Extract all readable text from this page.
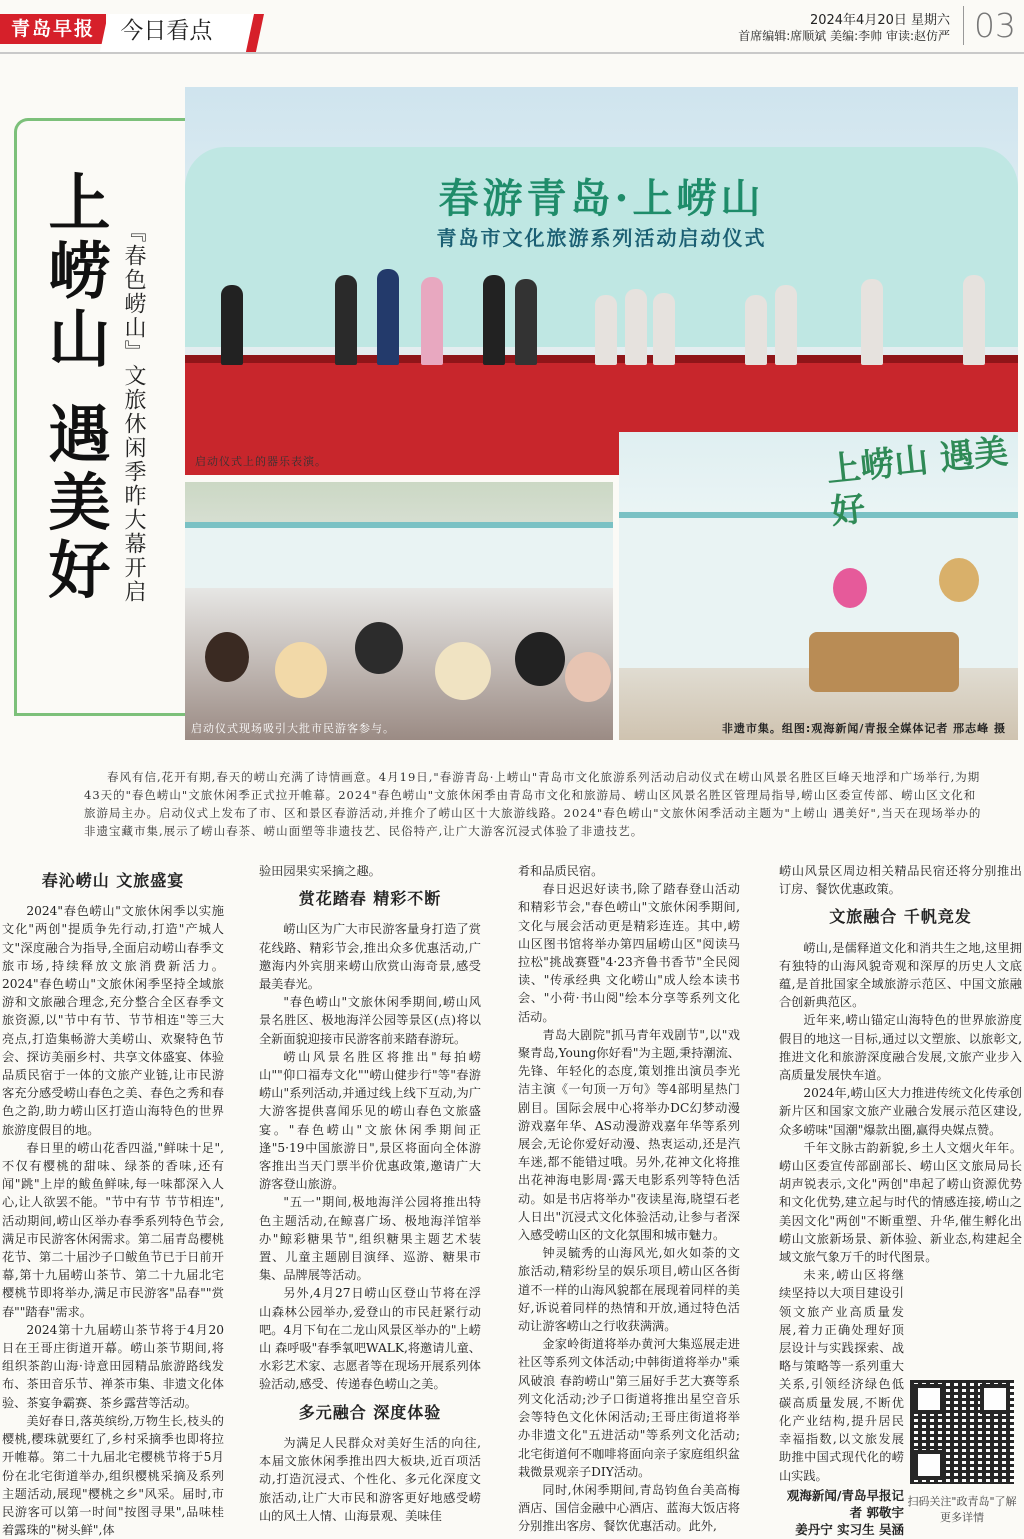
青岛早报	今日看点	2024年4月20日 星期六
首席编辑:席顺斌 美编:李帅 审读:赵仿严 03
上崂山 遇美好 『春色崂山』文旅休闲季昨大幕开启
春游青岛·上崂山
青岛市文化旅游系列活动启动仪式
启动仪式上的器乐表演。
启动仪式现场吸引大批市民游客参与。
上崂山 遇美好
非遗市集。组图:观海新闻/青报全媒体记者 邢志峰 摄
春风有信,花开有期,春天的崂山充满了诗情画意。4月19日,"春游青岛·上崂山"青岛市文化旅游系列活动启动仪式在崂山风景名胜区巨峰天地浮和广场举行,为期43天的"春色崂山"文旅休闲季正式拉开帷幕。2024"春色崂山"文旅休闲季由青岛市文化和旅游局、崂山区风景名胜区管理局指导,崂山区委宣传部、崂山区文化和旅游局主办。启动仪式上发布了市、区和景区春游活动,并推介了崂山区十大旅游线路。2024"春色崂山"文旅休闲季活动主题为"上崂山 遇美好",当天在现场举办的非遗宝藏市集,展示了崂山春茶、崂山面塑等非遗技艺、民俗特产,让广大游客沉浸式体验了非遗技艺。
春沁崂山 文旅盛宴

2024"春色崂山"文旅休闲季以实施文化"两创"提质争先行动,打造"产城人文"深度融合为指导,全面启动崂山春季文旅市场,持续释放文旅消费新活力。2024"春色崂山"文旅休闲季坚持全域旅游和文旅融合理念,充分整合全区春季文旅资源,以"节中有节、节节相连"等三大亮点,打造集畅游大美崂山、欢聚特色节会、探访美丽乡村、共享文体盛宴、体验品质民宿于一体的文旅产业链,让市民游客充分感受崂山春色之美、春色之秀和春色之韵,助力崂山区打造山海特色的世界旅游度假目的地。

春日里的崂山花香四溢,"鲜味十足",不仅有樱桃的甜味、绿茶的香味,还有闻"跳"上岸的鲅鱼鲜味,每一味都深入人心,让人欲罢不能。"节中有节 节节相连",活动期间,崂山区举办春季系列特色节会,满足市民游客休闲需求。第二届青岛樱桃花节、第二十届沙子口鲅鱼节已于日前开幕,第十九届崂山茶节、第二十九届北宅樱桃节即将举办,满足市民游客"品春""赏春""踏春"需求。

2024第十九届崂山茶节将于4月20日在王哥庄街道开幕。崂山茶节期间,将组织茶韵山海·诗意田园精品旅游路线发布、茶田音乐节、禅茶市集、非遗文化体验、茶宴争霸赛、茶乡露营等活动。

美好春日,落英缤纷,万物生长,枝头的樱桃,樱珠就要红了,乡村采摘季也即将拉开帷幕。第二十九届北宅樱桃节将于5月份在北宅街道举办,组织樱桃采摘及系列主题活动,展现"樱桃之乡"风采。届时,市民游客可以第一时间"按图寻果",品味桂着露珠的"树头鲜",体

验田园果实采摘之趣。

赏花踏春 精彩不断

崂山区为广大市民游客量身打造了赏花线路、精彩节会,推出众多优惠活动,广邀海内外宾朋来崂山欣赏山海奇景,感受最美春光。

"春色崂山"文旅休闲季期间,崂山风景名胜区、极地海洋公园等景区(点)将以全新面貌迎接市民游客前来踏春游玩。

崂山风景名胜区将推出"每拍崂山""仰口福寿文化""崂山健步行"等"春游崂山"系列活动,并通过线上线下互动,为广大游客提供喜闻乐见的崂山春色文旅盛宴。"春色崂山"文旅休闲季期间正逢"5·19中国旅游日",景区将面向全体游客推出当天门票半价优惠政策,邀请广大游客登山旅游。

"五一"期间,极地海洋公园将推出特色主题活动,在鲸喜广场、极地海洋馆举办"鲸彩糖果节",组织糖果主题艺术装置、儿童主题剧目演绎、巡游、糖果市集、品牌展等活动。

另外,4月27日崂山区登山节将在浮山森林公园举办,爱登山的市民赶紧行动吧。4月下旬在二龙山风景区举办的"上崂山 森呼吸"春季氧吧WALK,将邀请儿童、水彩艺术家、志愿者等在现场开展系列体验活动,感受、传递春色崂山之美。

多元融合 深度体验

为满足人民群众对美好生活的向往,本届文旅休闲季推出四大板块,近百项活动,打造沉浸式、个性化、多元化深度文旅活动,让广大市民和游客更好地感受崂山的风土人情、山海景观、美味佳

肴和品质民宿。

春日迟迟好读书,除了踏春登山活动和精彩节会,"春色崂山"文旅休闲季期间,文化与展会活动更是精彩连连。其中,崂山区图书馆将举办第四届崂山区"阅读马拉松"挑战赛暨"4·23齐鲁书香节"全民阅读、"传承经典 文化崂山"成人绘本读书会、"小荷·书山阅"绘本分享等系列文化活动。

青岛大剧院"抓马青年戏剧节",以"戏聚青岛,Young你好看"为主题,秉持潮流、先锋、年轻化的态度,策划推出演员李光洁主演《一句顶一万句》等4部明星热门剧目。国际会展中心将举办DC幻梦动漫游戏嘉年华、AS动漫游戏嘉年华等系列展会,无论你爱好动漫、热衷运动,还是汽车迷,都不能错过哦。另外,花神文化将推出花神海电影周·露天电影系列等特色活动。如是书店将举办"夜读星海,晓望石老人日出"沉浸式文化体验活动,让参与者深入感受崂山区的文化氛围和城市魅力。

钟灵毓秀的山海风光,如火如荼的文旅活动,精彩纷呈的娱乐项目,崂山区各街道不一样的山海风貌都在展现着同样的美好,诉说着同样的热情和开放,通过特色活动让游客崂山之行收获满满。

金家岭街道将举办黄河大集巡展走进社区等系列文体活动;中韩街道将举办"乘风破浪 春韵崂山"第三届好手艺大赛等系列文化活动;沙子口街道将推出星空音乐会等特色文化休闲活动;王哥庄街道将举办非遗文化"五进活动"等系列文化活动;北宅街道何不咖啡将面向亲子家庭组织盆栽微景观亲子DIY活动。

同时,休闲季期间,青岛钧鱼台美高梅酒店、国信金融中心酒店、蓝海大饭店将分别推出客房、餐饮优惠活动。此外,

崂山风景区周边相关精品民宿还将分别推出订房、餐饮优惠政策。

文旅融合 千帆竞发

崂山,是儒释道文化和消共生之地,这里拥有独特的山海风貌奇观和深厚的历史人文底蕴,是首批国家全域旅游示范区、中国文旅融合创新典范区。

近年来,崂山锚定山海特色的世界旅游度假目的地这一目标,通过以文塑旅、以旅彰文,推进文化和旅游深度融合发展,文旅产业步入高质量发展快车道。

2024年,崂山区大力推进传统文化传承创新片区和国家文旅产业融合发展示范区建设,众多崂味"国潮"爆款出圈,赢得央媒点赞。

千年文脉古韵新貌,乡土人文烟火年年。崂山区委宣传部副部长、崂山区文旅局局长胡声锐表示,文化"两创"串起了崂山资源优势和文化优势,建立起与时代的情感连接,崂山之美因文化"两创"不断重塑、升华,催生孵化出崂山文旅新场景、新体验、新业态,构建起全域文旅气象万千的时代图景。

未来,崂山区将继续坚持以大项目建设引领文旅产业高质量发展,着力正确处理好顶层设计与实践探索、战略与策略等一系列重大关系,引领经济绿色低碳高质量发展,不断优化产业结构,提升居民幸福指数,以文旅发展助推中国式现代化的崂山实践。

观海新闻/青岛早报记者 郭敬宇
姜丹宁 实习生 吴涵
扫码关注"政青岛"了解更多详情
